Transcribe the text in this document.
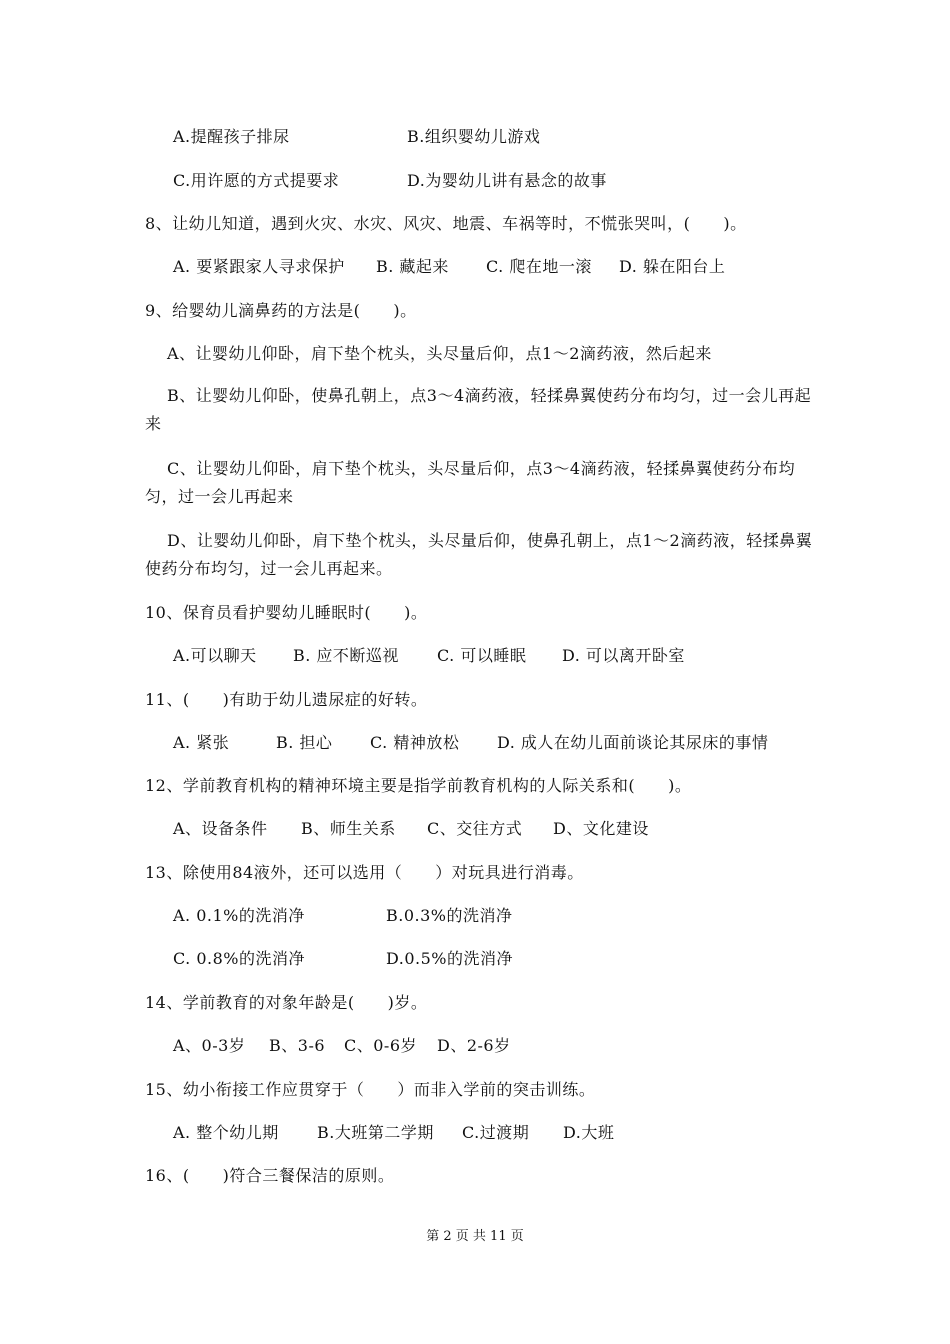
A.提醒孩子排尿	B.组织婴幼儿游戏
C.用许愿的方式提要求	D.为婴幼儿讲有悬念的故事
8、让幼儿知道，遇到火灾、水灾、风灾、地震、车祸等时，不慌张哭叫，(　　)。
A. 要紧跟家人寻求保护 B. 藏起来 C. 爬在地一滚 D. 躲在阳台上
9、给婴幼儿滴鼻药的方法是(　　)。
A、让婴幼儿仰卧，肩下垫个枕头，头尽量后仰，点1～2滴药液，然后起来
B、让婴幼儿仰卧，使鼻孔朝上，点3～4滴药液，轻揉鼻翼使药分布均匀，过一会儿再起来
C、让婴幼儿仰卧，肩下垫个枕头，头尽量后仰，点3～4滴药液，轻揉鼻翼使药分布均匀，过一会儿再起来
D、让婴幼儿仰卧，肩下垫个枕头，头尽量后仰，使鼻孔朝上，点1～2滴药液，轻揉鼻翼使药分布均匀，过一会儿再起来。
10、保育员看护婴幼儿睡眠时(　　)。
A.可以聊天 B. 应不断巡视 C. 可以睡眠 D. 可以离开卧室
11、(　　)有助于幼儿遗尿症的好转。
A. 紧张	B. 担心 C. 精神放松 D. 成人在幼儿面前谈论其尿床的事情
12、学前教育机构的精神环境主要是指学前教育机构的人际关系和(　　)。
A、设备条件 B、师生关系 C、交往方式 D、文化建设
13、除使用84液外，还可以选用（　　）对玩具进行消毒。
A. 0.1%的洗消净	B.0.3%的洗消净
C. 0.8%的洗消净	D.0.5%的洗消净
14、学前教育的对象年龄是(　　)岁。
A、0-3岁 B、3-6 C、0-6岁 D、2-6岁
15、幼小衔接工作应贯穿于（　　）而非入学前的突击训练。
A. 整个幼儿期 B.大班第二学期 C.过渡期 D.大班
16、(　　)符合三餐保洁的原则。
第 2 页 共 11 页
